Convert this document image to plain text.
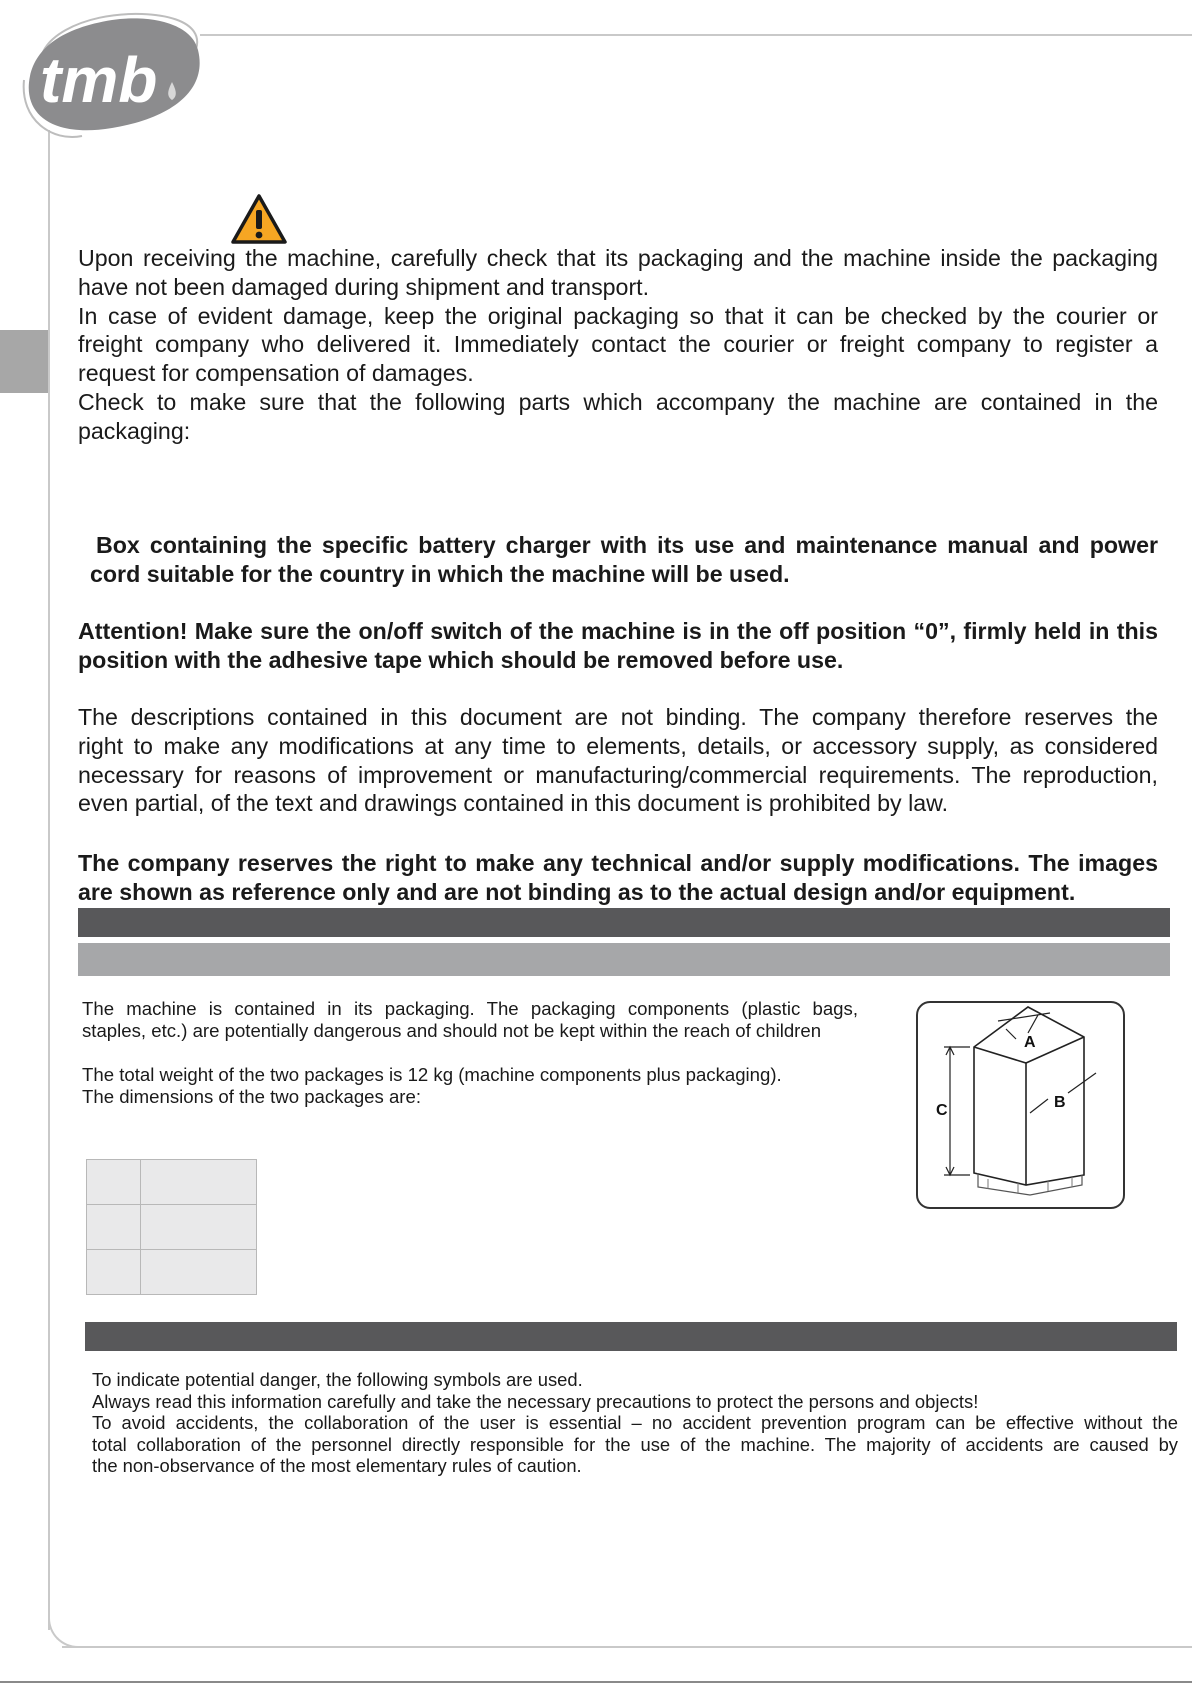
tmb
Upon receiving the machine, carefully check that its packaging and the machine inside the packaging
have not been damaged during shipment and transport.
In case of evident damage, keep the original packaging so that it can be checked by the courier or
freight company who delivered it. Immediately contact the courier or freight company to register a
request for compensation of damages.
Check to make sure that the following parts which accompany the machine are contained in the
packaging:
Box containing the specific battery charger with its use and maintenance manual and power
cord suitable for the country in which the machine will be used.
Attention! Make sure the on/off switch of the machine is in the off position “0”, firmly held in this
position with the adhesive tape which should be removed before use.
The descriptions contained in this document are not binding. The company therefore reserves the
right to make any modifications at any time to elements, details, or accessory supply, as considered
necessary for reasons of improvement or manufacturing/commercial requirements. The reproduction,
even partial, of the text and drawings contained in this document is prohibited by law.
The company reserves the right to make any technical and/or supply modifications. The images
are shown as reference only and are not binding as to the actual design and/or equipment.
The machine is contained in its packaging. The packaging components (plastic bags,
staples, etc.) are potentially dangerous and should not be kept within the reach of children
The total weight of the two packages is 12 kg (machine components plus packaging).
The dimensions of the two packages are:
A
B
C

To indicate potential danger, the following symbols are used.
Always read this information carefully and take the necessary precautions to protect the persons and objects!
To avoid accidents, the collaboration of the user is essential – no accident prevention program can be effective without the
total collaboration of the personnel directly responsible for the use of the machine. The majority of accidents are caused by
the non-observance of the most elementary rules of caution.
